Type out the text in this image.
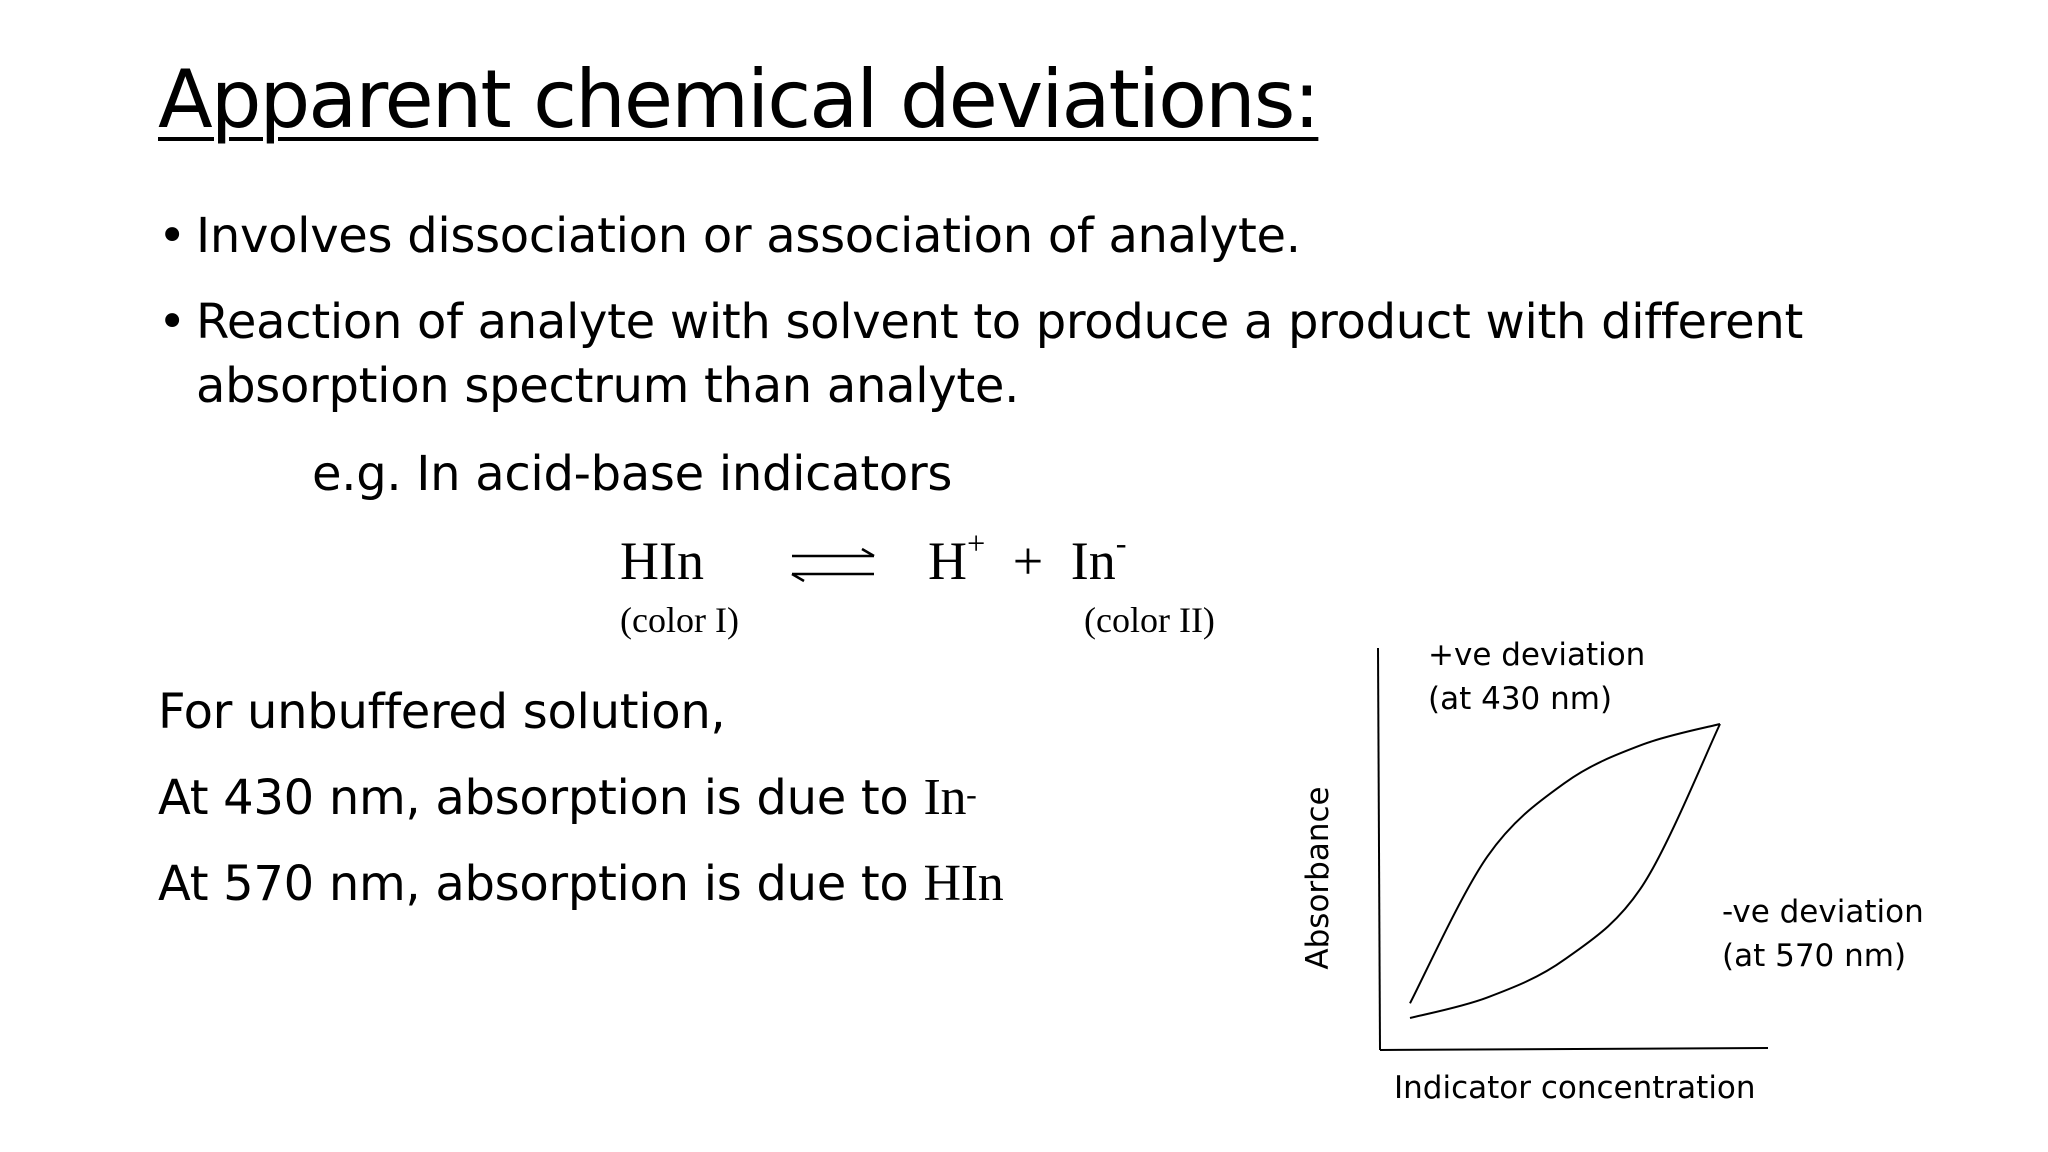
Apparent chemical deviations:
• Involves dissociation or association of analyte.
• Reaction of analyte with solvent to produce a product with different
absorption spectrum than analyte.
e.g. In acid-base indicators
HIn	H+ + In-
(color I)	(color II)
For unbuffered solution,
At 430 nm, absorption is due to In-
At 570 nm, absorption is due to HIn
+ve deviation
(at 430 nm)
-ve deviation
(at 570 nm)
Absorbance
Indicator concentration
